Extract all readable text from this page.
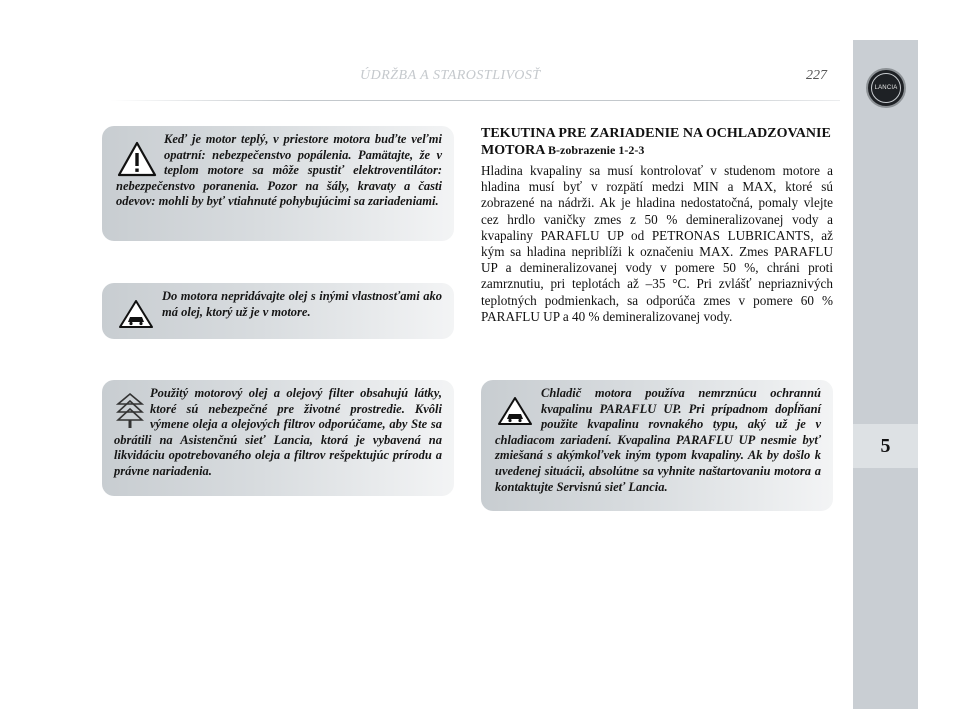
LANCIA
5
ÚDRŽBA A STAROSTLIVOSŤ	227

Keď je motor teplý, v priestore motora buďte veľmi opatrní: nebezpečenstvo popálenia. Pamätajte, že v teplom motore sa môže spustiť elektroventilátor: nebezpečenstvo poranenia. Pozor na šály, kravaty a časti odevov: mohli by byť vtiahnuté pohybujúcimi sa zariadeniami.

Do motora nepridávajte olej s inými vlastnosťami ako má olej, ktorý už je v motore.

Použitý motorový olej a olejový filter obsahujú látky, ktoré sú nebezpečné pre životné prostredie. Kvôli výmene oleja a olejových filtrov odporúčame, aby Ste sa obrátili na Asistenčnú sieť Lancia, ktorá je vybavená na likvidáciu opotrebovaného oleja a filtrov rešpektujúc prírodu a právne nariadenia.

TEKUTINA PRE ZARIADENIE NA OCHLADZOVANIE MOTORA B-zobrazenie 1-2-3

Hladina kvapaliny sa musí kontrolovať v studenom motore a hladina musí byť v rozpätí medzi MIN a MAX, ktoré sú zobrazené na nádrži. Ak je hladina nedostatočná, pomaly vlejte cez hrdlo vaničky zmes z 50 % demineralizovanej vody a kvapaliny PARAFLU UP od PETRONAS LUBRICANTS, až kým sa hladina nepriblíži k označeniu MAX. Zmes PARAFLU UP a demineralizovanej vody v pomere 50 %, chráni proti zamrznutiu, pri teplotách až –35 °C. Pri zvlášť nepriaznivých teplotných podmienkach, sa odporúča zmes v pomere 60 % PARAFLU UP a 40 % demineralizovanej vody.

Chladič motora používa nemrznúcu ochrannú kvapalinu PARAFLU UP. Pri prípadnom dopĺňaní použite kvapalinu rovnakého typu, aký už je v chladiacom zariadení. Kvapalina PARAFLU UP nesmie byť zmiešaná s akýmkoľvek iným typom kvapaliny. Ak by došlo k uvedenej situácii, absolútne sa vyhnite naštartovaniu motora a kontaktujte Servisnú sieť Lancia.
